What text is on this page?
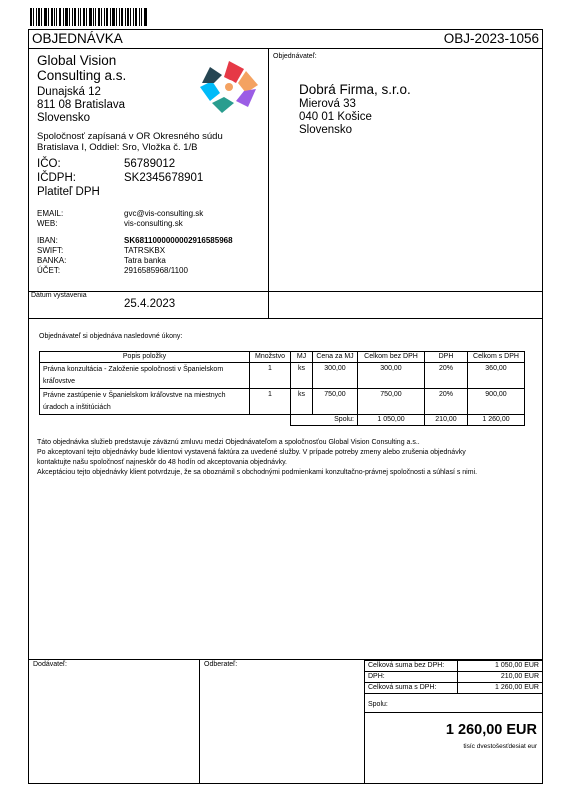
OBJEDNÁVKA	OBJ-2023-1056
Global Vision
Consulting a.s.
Dunajská 12
811 08 Bratislava
Slovensko
Spoločnosť zapísaná v OR Okresného súdu
Bratislava I, Oddiel: Sro, Vložka č. 1/B
IČO:	56789012
IČDPH:	SK2345678901
Platiteľ DPH
EMAIL:	gvc@vis-consulting.sk
WEB:	vis-consulting.sk
IBAN:	SK6811000000002916585968
SWIFT:	TATRSKBX
BANKA:	Tatra banka
ÚČET:	2916585968/1100
Objednávateľ:
Dobrá Firma, s.r.o.
Mierová 33
040 01 Košice
Slovensko
Dátum vystavenia
25.4.2023
Objednávateľ si objednáva nasledovné úkony:
Popis položky	Množstvo	MJ	Cena za MJ	Celkom bez DPH	DPH	Celkom s DPH

Právna konzultácia - Založenie spoločnosti v Španielskom
kráľovstve	1	ks	300,00	300,00	20%	360,00

Právne zastúpenie v Španielskom kráľovstve na miestnych
úradoch a inštitúciách	1	ks	750,00	750,00	20%	900,00
		Spolu:		1 050,00	210,00	1 260,00
Táto objednávka služieb predstavuje záväznú zmluvu medzi Objednávateľom a spoločnosťou Global Vision Consulting a.s..
Po akceptovaní tejto objednávky bude klientovi vystavená faktúra za uvedené služby. V prípade potreby zmeny alebo zrušenia objednávky
kontaktujte našu spoločnosť najneskôr do 48 hodín od akceptovania objednávky.
Akceptáciou tejto objednávky klient potvrdzuje, že sa oboznámil s obchodnými podmienkami konzultačno-právnej spoločnosti a súhlasí s nimi.
Dodávateľ:	Odberateľ:	Celková suma bez DPH:	1 050,00 EUR
DPH:	210,00 EUR
Celková suma s DPH:	1 260,00 EUR
Spolu:
1 260,00 EUR
tisíc dvestošesťdesiat eur
